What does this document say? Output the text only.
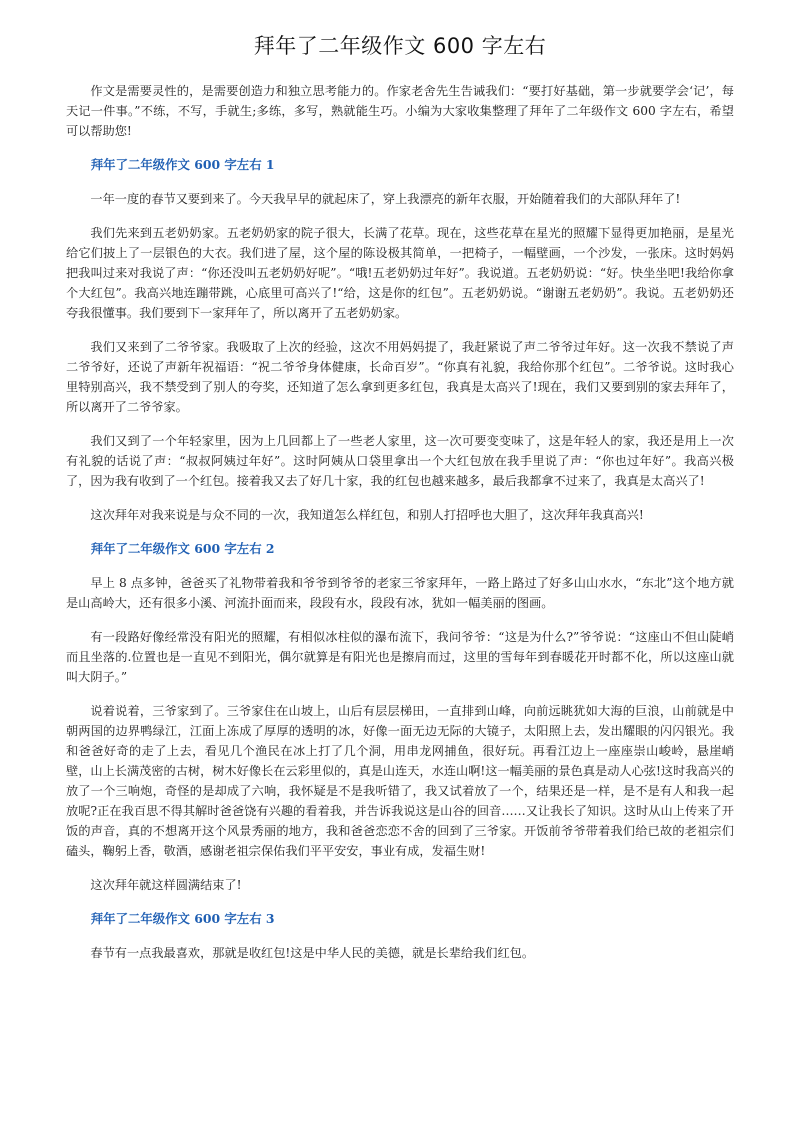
拜年了二年级作文 600 字左右

作文是需要灵性的，是需要创造力和独立思考能力的。作家老舍先生告诫我们：“要打好基础，第一步就要学会‘记’，每天记一件事。”不练，不写，手就生;多练，多写，熟就能生巧。小编为大家收集整理了拜年了二年级作文 600 字左右，希望可以帮助您!

拜年了二年级作文 600 字左右 1

一年一度的春节又要到来了。今天我早早的就起床了，穿上我漂亮的新年衣服，开始随着我们的大部队拜年了!

我们先来到五老奶奶家。五老奶奶家的院子很大，长满了花草。现在，这些花草在星光的照耀下显得更加艳丽，是星光给它们披上了一层银色的大衣。我们进了屋，这个屋的陈设极其简单，一把椅子，一幅壁画，一个沙发，一张床。这时妈妈把我叫过来对我说了声：“你还没叫五老奶奶好呢”。“哦!五老奶奶过年好”。我说道。五老奶奶说：“好。快坐坐吧!我给你拿个大红包”。我高兴地连蹦带跳，心底里可高兴了!“给，这是你的红包”。五老奶奶说。“谢谢五老奶奶”。我说。五老奶奶还夸我很懂事。我们要到下一家拜年了，所以离开了五老奶奶家。

我们又来到了二爷爷家。我吸取了上次的经验，这次不用妈妈提了，我赶紧说了声二爷爷过年好。这一次我不禁说了声二爷爷好，还说了声新年祝福语：“祝二爷爷身体健康，长命百岁”。“你真有礼貌，我给你那个红包”。二爷爷说。这时我心里特别高兴，我不禁受到了别人的夸奖，还知道了怎么拿到更多红包，我真是太高兴了!现在，我们又要到别的家去拜年了，所以离开了二爷爷家。

我们又到了一个年轻家里，因为上几回都上了一些老人家里，这一次可要变变味了，这是年轻人的家，我还是用上一次有礼貌的话说了声：“叔叔阿姨过年好”。这时阿姨从口袋里拿出一个大红包放在我手里说了声：“你也过年好”。我高兴极了，因为我有收到了一个红包。接着我又去了好几十家，我的红包也越来越多，最后我都拿不过来了，我真是太高兴了!

这次拜年对我来说是与众不同的一次，我知道怎么样红包，和别人打招呼也大胆了，这次拜年我真高兴!

拜年了二年级作文 600 字左右 2

早上 8 点多钟，爸爸买了礼物带着我和爷爷到爷爷的老家三爷家拜年，一路上路过了好多山山水水，“东北”这个地方就是山高岭大，还有很多小溪、河流扑面而来，段段有水，段段有冰，犹如一幅美丽的图画。

有一段路好像经常没有阳光的照耀，有相似冰柱似的瀑布流下，我问爷爷：“这是为什么?”爷爷说：“这座山不但山陡峭而且坐落的.位置也是一直见不到阳光，偶尔就算是有阳光也是擦肩而过，这里的雪每年到春暖花开时都不化，所以这座山就叫大阴子。”

说着说着，三爷家到了。三爷家住在山坡上，山后有层层梯田，一直排到山峰，向前远眺犹如大海的巨浪，山前就是中朝两国的边界鸭绿江，江面上冻成了厚厚的透明的冰，好像一面无边无际的大镜子，太阳照上去，发出耀眼的闪闪银光。我和爸爸好奇的走了上去，看见几个渔民在冰上打了几个洞，用串龙网捕鱼，很好玩。再看江边上一座座崇山峻岭，悬崖峭壁，山上长满茂密的古树，树木好像长在云彩里似的，真是山连天，水连山啊!这一幅美丽的景色真是动人心弦!这时我高兴的放了一个三响炮，奇怪的是却成了六响，我怀疑是不是我听错了，我又试着放了一个，结果还是一样，是不是有人和我一起放呢?正在我百思不得其解时爸爸饶有兴趣的看着我，并告诉我说这是山谷的回音……又让我长了知识。这时从山上传来了开饭的声音，真的不想离开这个风景秀丽的地方，我和爸爸恋恋不舍的回到了三爷家。开饭前爷爷带着我们给已故的老祖宗们磕头，鞠躬上香，敬酒，感谢老祖宗保佑我们平平安安，事业有成，发福生财!

这次拜年就这样圆满结束了!

拜年了二年级作文 600 字左右 3

春节有一点我最喜欢，那就是收红包!这是中华人民的美德，就是长辈给我们红包。
